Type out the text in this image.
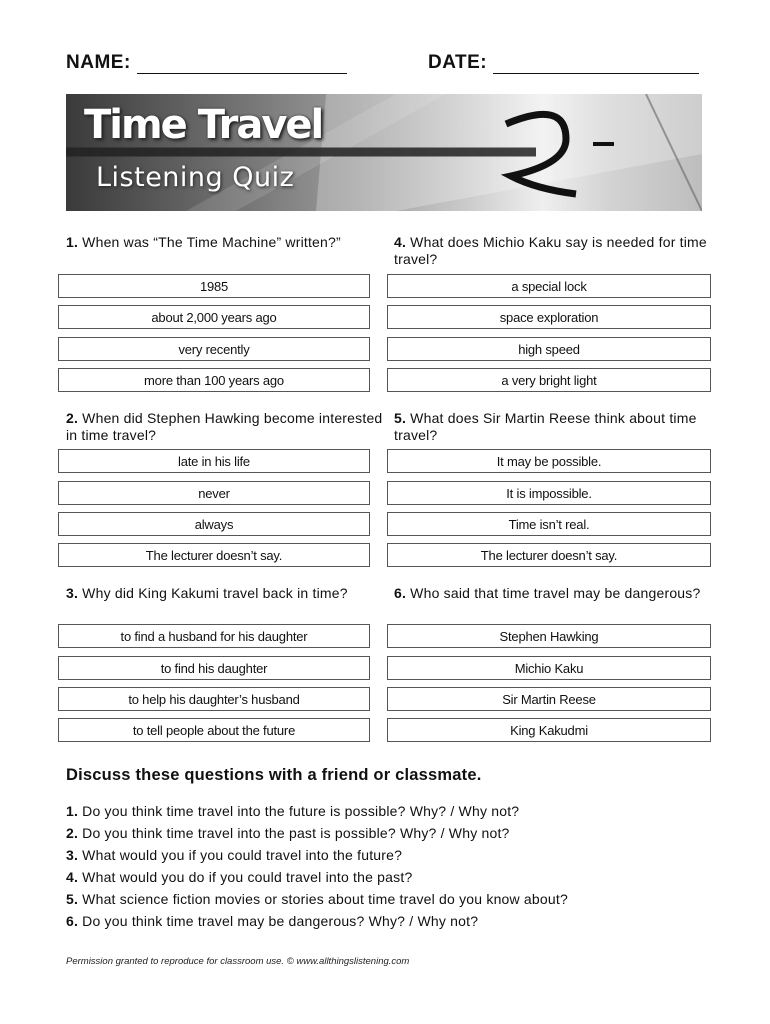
NAME:	DATE:
Time Travel
Listening Quiz
1. When was “The Time Machine” written?”
1985
about 2,000 years ago
very recently
more than 100 years ago
2. When did Stephen Hawking become interested in time travel?
late in his life
never
always
The lecturer doesn’t say.
3. Why did King Kakumi travel back in time?
to find a husband for his daughter
to find his daughter
to help his daughter’s husband
to tell people about the future
4. What does Michio Kaku say is needed for time travel?
a special lock
space exploration
high speed
a very bright light
5. What does Sir Martin Reese think about time travel?
It may be possible.
It is impossible.
Time isn’t real.
The lecturer doesn’t say.
6. Who said that time travel may be dangerous?
Stephen Hawking
Michio Kaku
Sir Martin Reese
King Kakudmi
Discuss these questions with a friend or classmate.
1. Do you think time travel into the future is possible? Why? / Why not?
2. Do you think time travel into the past is possible? Why? / Why not?
3. What would you if you could travel into the future?
4. What would you do if you could travel into the past?
5. What science fiction movies or stories about time travel do you know about?
6. Do you think time travel may be dangerous? Why? / Why not?
Permission granted to reproduce for classroom use. © www.allthingslistening.com
